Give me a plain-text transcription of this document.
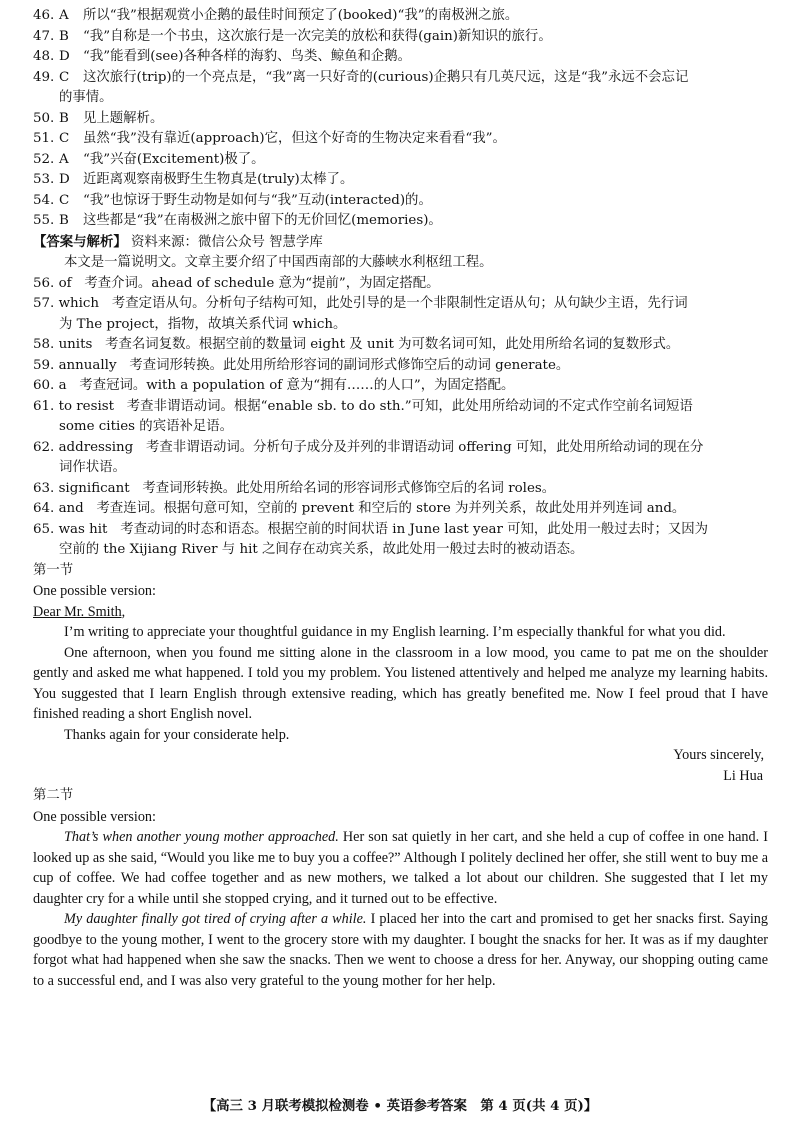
46. A	所以“我”根据观赏小企鹅的最佳时间预定了(booked)“我”的南极洲之旅。
47. B	“我”自称是一个书虫，这次旅行是一次完美的放松和获得(gain)新知识的旅行。
48. D “我”能看到(see)各种各样的海豹、鸟类、鲸鱼和企鹅。
49. C	这次旅行(trip)的一个亮点是，“我”离一只好奇的(curious)企鹅只有几英尺远，这是“我”永远不会忘记
的事情。
50. B	见上题解析。
51. C	虽然“我”没有靠近(approach)它，但这个好奇的生物决定来看看“我”。
52. A	“我”兴奋(Excitement)极了。
53. D 近距离观察南极野生生物真是(truly)太棒了。
54. C	“我”也惊讶于野生动物是如何与“我”互动(interacted)的。
55. B	这些都是“我”在南极洲之旅中留下的无价回忆(memories)。
【答案与解析】 资料来源：微信公众号 智慧学库
本文是一篇说明文。文章主要介绍了中国西南部的大藤峡水利枢纽工程。
56. of 考查介词。ahead of schedule 意为“提前”，为固定搭配。
57. which 考查定语从句。分析句子结构可知，此处引导的是一个非限制性定语从句；从句缺少主语，先行词
为 The project，指物，故填关系代词 which。
58. units 考查名词复数。根据空前的数量词 eight 及 unit 为可数名词可知，此处用所给名词的复数形式。
59. annually 考查词形转换。此处用所给形容词的副词形式修饰空后的动词 generate。
60. a 考查冠词。with a population of 意为“拥有……的人口”，为固定搭配。
61. to resist 考查非谓语动词。根据“enable sb. to do sth.”可知，此处用所给动词的不定式作空前名词短语
some cities 的宾语补足语。
62. addressing 考查非谓语动词。分析句子成分及并列的非谓语动词 offering 可知，此处用所给动词的现在分
词作状语。
63. significant 考查词形转换。此处用所给名词的形容词形式修饰空后的名词 roles。
64. and 考查连词。根据句意可知，空前的 prevent 和空后的 store 为并列关系，故此处用并列连词 and。
65. was hit 考查动词的时态和语态。根据空前的时间状语 in June last year 可知，此处用一般过去时；又因为
空前的 the Xijiang River 与 hit 之间存在动宾关系，故此处用一般过去时的被动语态。
第一节
One possible version:
Dear Mr. Smith,

I’m writing to appreciate your thoughtful guidance in my English learning. I’m especially thankful for what you did.

One afternoon, when you found me sitting alone in the classroom in a low mood, you came to pat me on the shoulder gently and asked me what happened. I told you my problem. You listened attentively and helped me analyze my learning habits. You suggested that I learn English through extensive reading, which has greatly benefited me. Now I feel proud that I have finished reading a short English novel.

Thanks again for your considerate help.

Yours sincerely,
Li Hua
第二节
One possible version:

That’s when another young mother approached. Her son sat quietly in her cart, and she held a cup of coffee in one hand. I looked up as she said, “Would you like me to buy you a coffee?” Although I politely declined her offer, she still went to buy me a cup of coffee. We had coffee together and as new mothers, we talked a lot about our children. She suggested that I let my daughter cry for a while until she stopped crying, and it turned out to be effective.

My daughter finally got tired of crying after a while. I placed her into the cart and promised to get her snacks first. Saying goodbye to the young mother, I went to the grocery store with my daughter. I bought the snacks for her. It was as if my daughter forgot what had happened when she saw the snacks. Then we went to choose a dress for her. Anyway, our shopping outing came to a successful end, and I was also very grateful to the young mother for her help.

【高三 3 月联考模拟检测卷 • 英语参考答案　第 4 页(共 4 页)】
